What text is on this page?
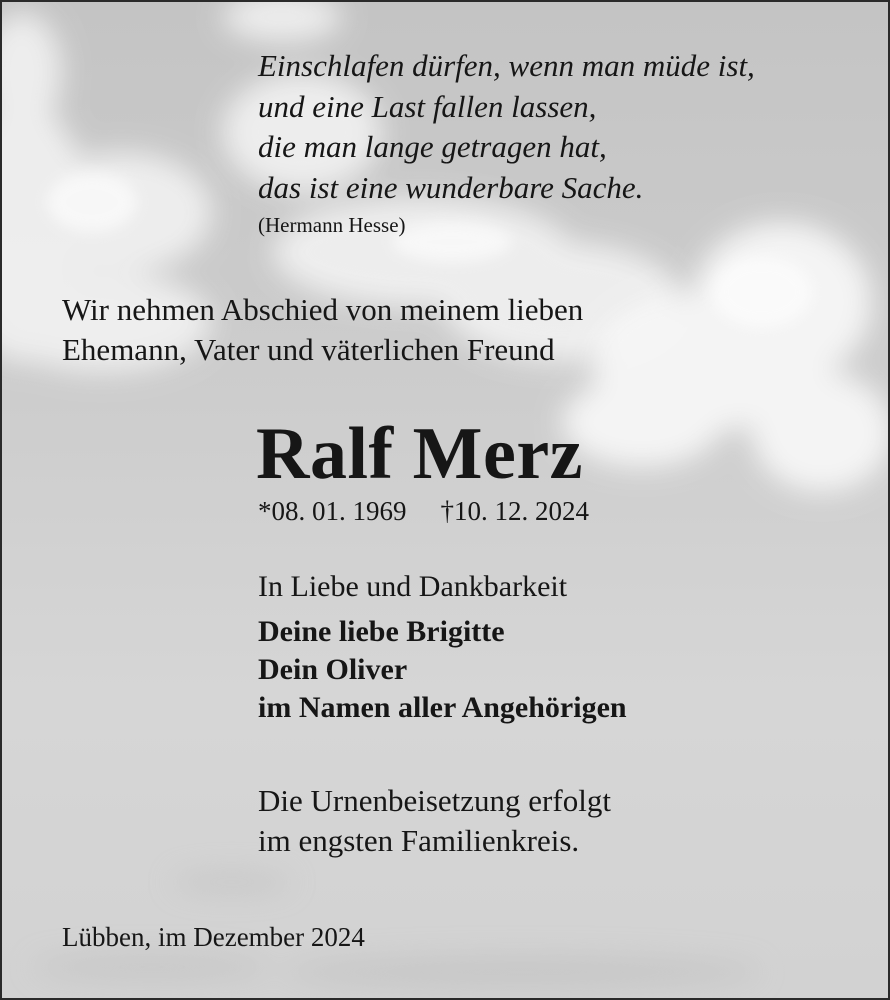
Einschlafen dürfen, wenn man müde ist,
und eine Last fallen lassen,
die man lange getragen hat,
das ist eine wunderbare Sache.
(Hermann Hesse)
Wir nehmen Abschied von meinem lieben
Ehemann, Vater und väterlichen Freund
Ralf Merz
*08. 01. 1969 †10. 12. 2024
In Liebe und Dankbarkeit
Deine liebe Brigitte
Dein Oliver
im Namen aller Angehörigen
Die Urnenbeisetzung erfolgt
im engsten Familienkreis.
Lübben, im Dezember 2024
